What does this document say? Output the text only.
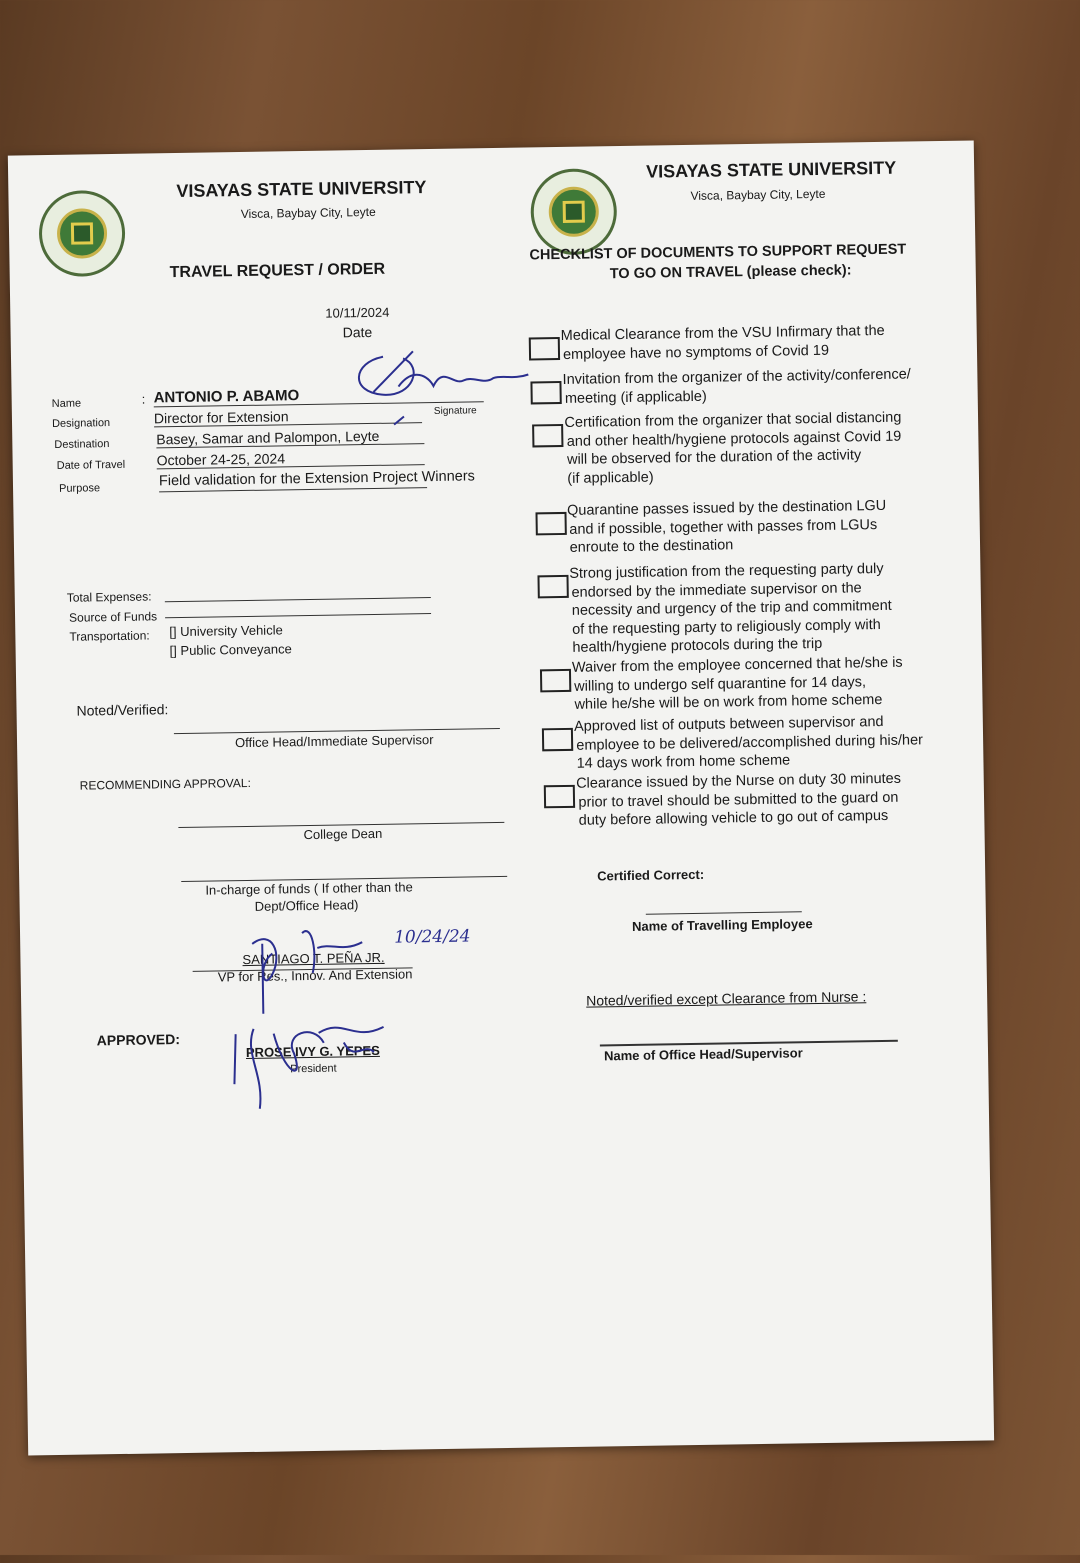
VISAYAS STATE UNIVERSITY
Visca, Baybay City, Leyte
TRAVEL REQUEST / ORDER
10/11/2024
Date
Name	: ANTONIO P. ABAMO
Designation	Director for Extension
Destination	Basey, Samar and Palompon, Leyte
Date of Travel October 24-25, 2024
Purpose	Field validation for the Extension Project Winners
Signature
Total Expenses:
Source of Funds
Transportation: [] University Vehicle
[] Public Conveyance
Noted/Verified:
Office Head/Immediate Supervisor
RECOMMENDING APPROVAL:
College Dean
In-charge of funds ( If other than the
Dept/Office Head)
SANTIAGO T. PEÑA JR.
VP for Res., Innov. And Extension
10/24/24
APPROVED:
PROSE IVY G. YEPES
President
VISAYAS STATE UNIVERSITY
Visca, Baybay City, Leyte
CHECKLIST OF DOCUMENTS TO SUPPORT REQUEST
TO GO ON TRAVEL (please check):
Medical Clearance from the VSU Infirmary that the
employee have no symptoms of Covid 19
Invitation from the organizer of the activity/conference/
meeting (if applicable)
Certification from the organizer that social distancing
and other health/hygiene protocols against Covid 19
will be observed for the duration of the activity
(if applicable)
Quarantine passes issued by the destination LGU
and if possible, together with passes from LGUs
enroute to the destination
Strong justification from the requesting party duly
endorsed by the immediate supervisor on the
necessity and urgency of the trip and commitment
of the requesting party to religiously comply with
health/hygiene protocols during the trip
Waiver from the employee concerned that he/she is
willing to undergo self quarantine for 14 days,
while he/she will be on work from home scheme
Approved list of outputs between supervisor and
employee to be delivered/accomplished during his/her
14 days work from home scheme
Clearance issued by the Nurse on duty 30 minutes
prior to travel should be submitted to the guard on
duty before allowing vehicle to go out of campus
Certified Correct:
Name of Travelling Employee
Noted/verified except Clearance from Nurse :
Name of Office Head/Supervisor
